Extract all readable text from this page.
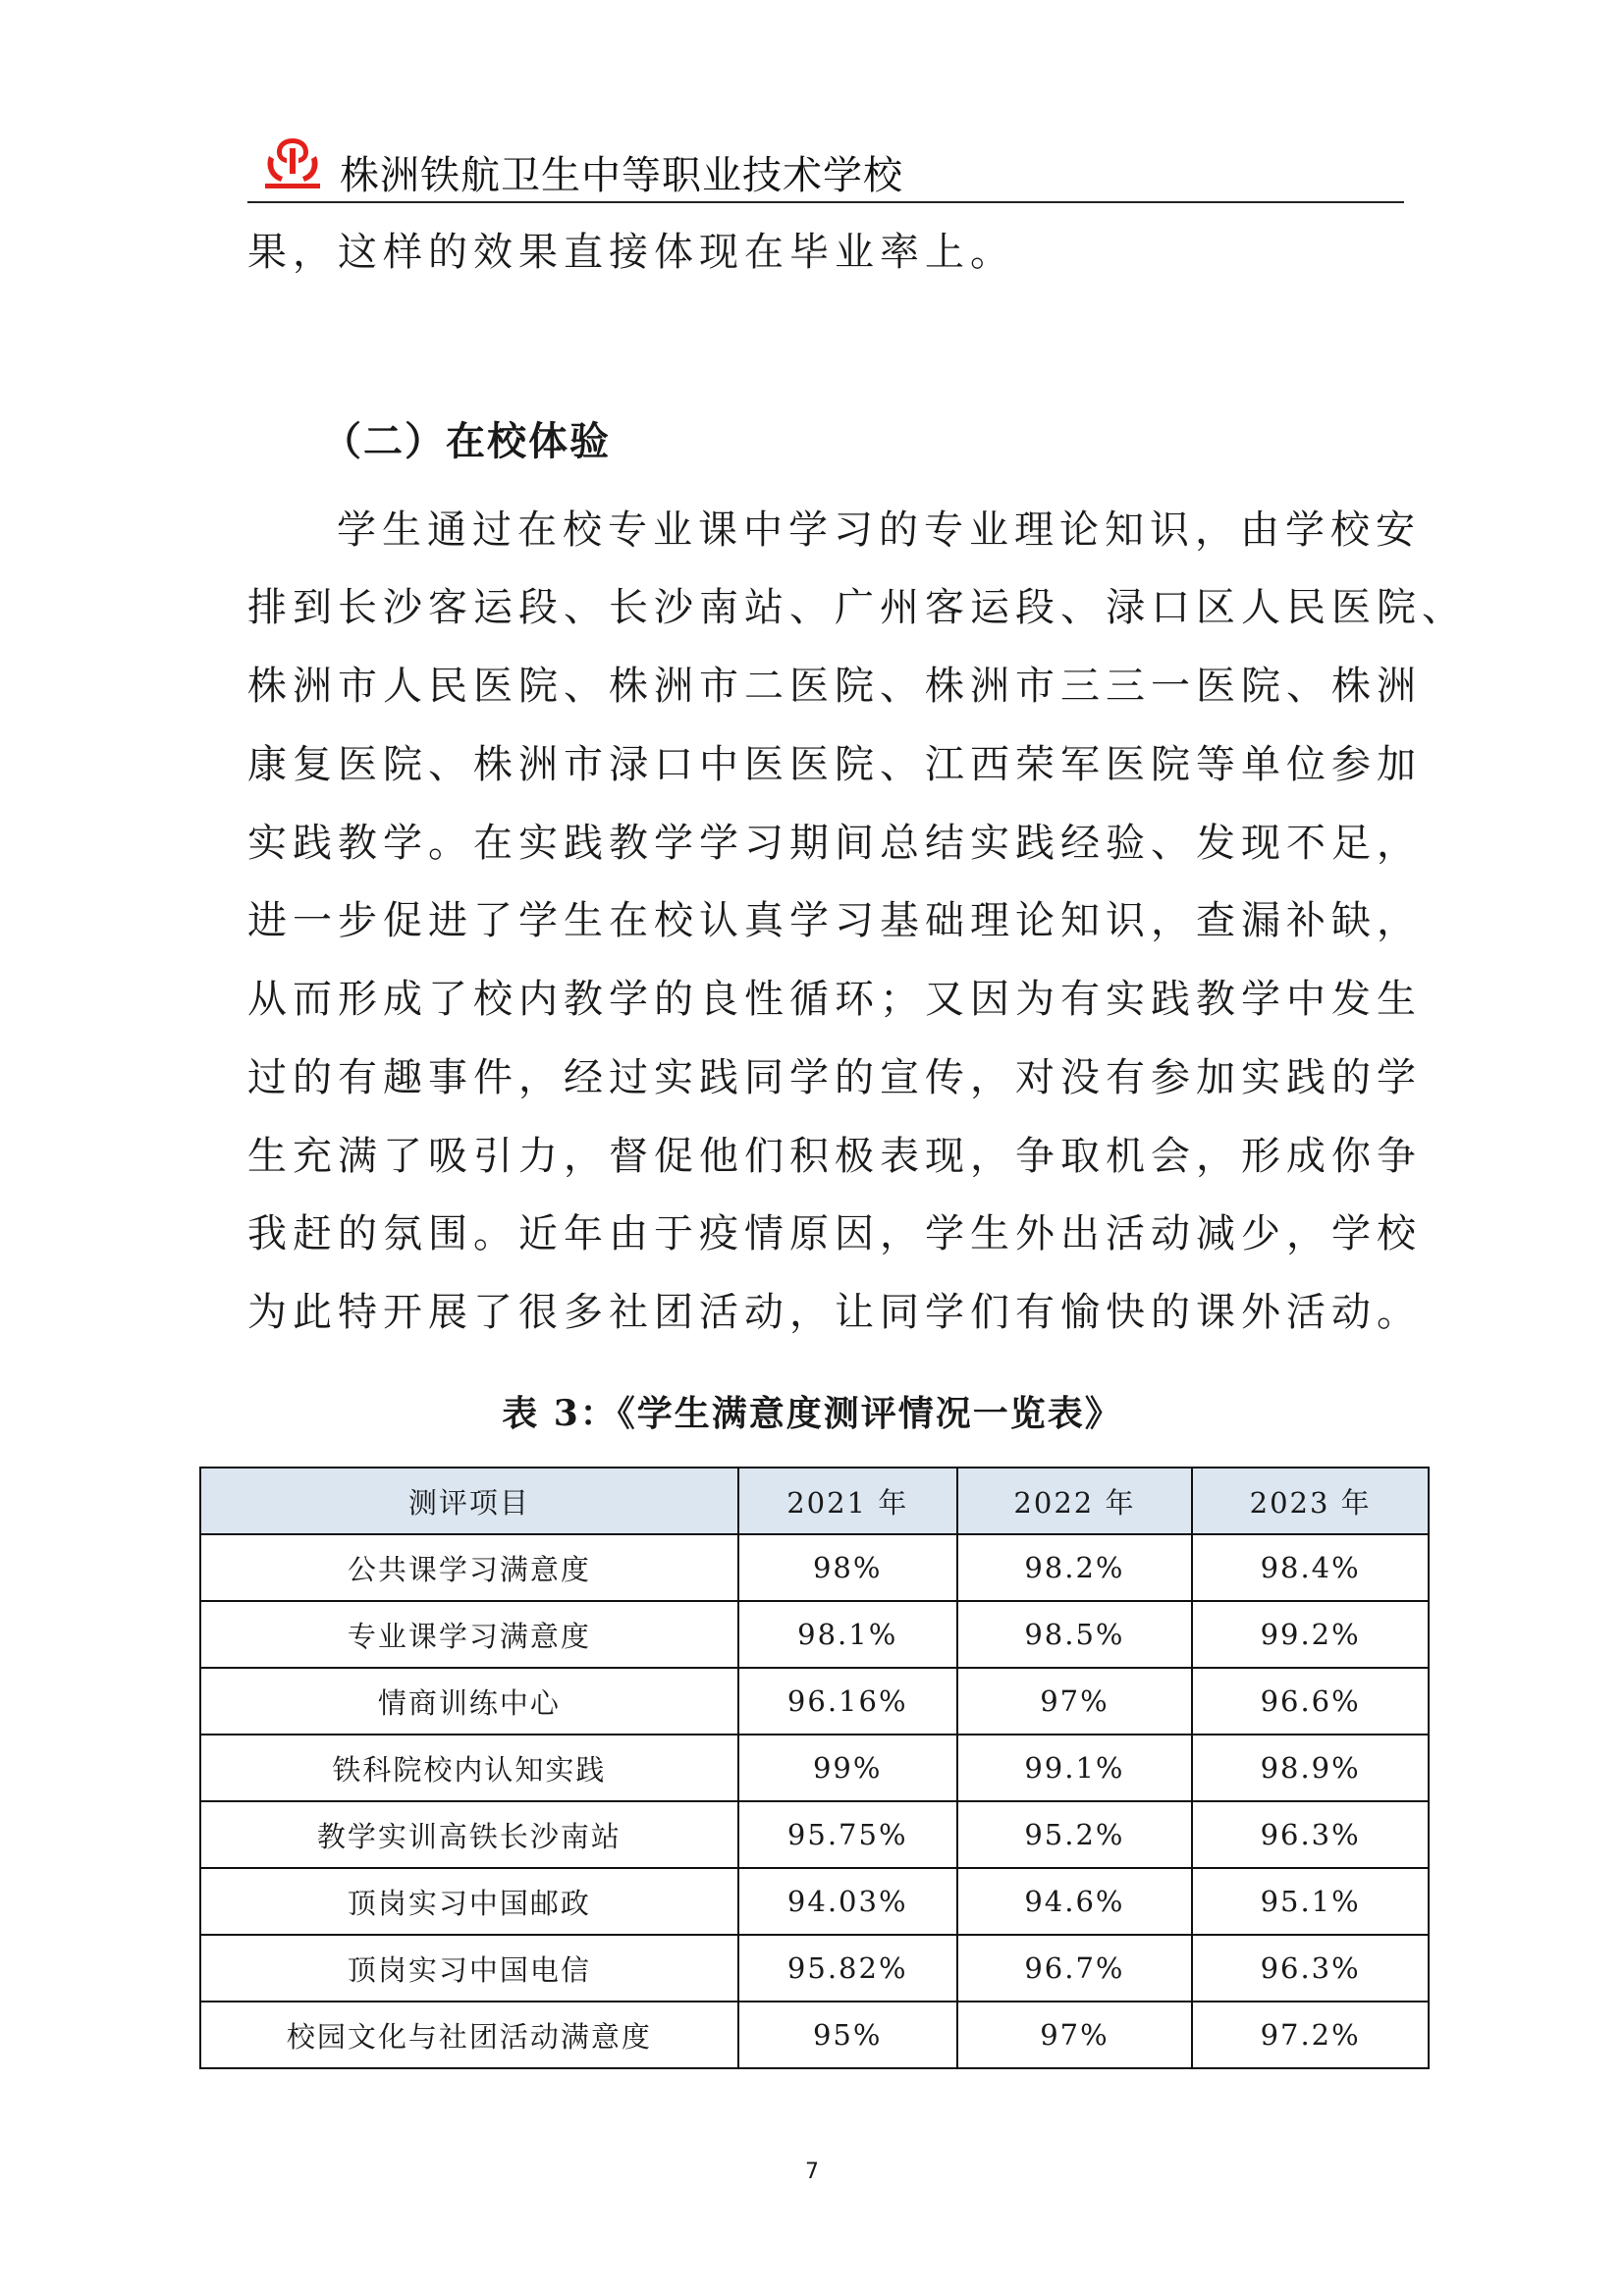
株洲铁航卫生中等职业技术学校
果，这样的效果直接体现在毕业率上。
（二）在校体验
学生通过在校专业课中学习的专业理论知识，由学校安
排到长沙客运段、长沙南站、广州客运段、渌口区人民医院、
株洲市人民医院、株洲市二医院、株洲市三三一医院、株洲
康复医院、株洲市渌口中医医院、江西荣军医院等单位参加
实践教学。在实践教学学习期间总结实践经验、发现不足，
进一步促进了学生在校认真学习基础理论知识，查漏补缺，
从而形成了校内教学的良性循环；又因为有实践教学中发生
过的有趣事件，经过实践同学的宣传，对没有参加实践的学
生充满了吸引力，督促他们积极表现，争取机会，形成你争
我赶的氛围。近年由于疫情原因，学生外出活动减少，学校
为此特开展了很多社团活动，让同学们有愉快的课外活动。
表 3：《学生满意度测评情况一览表》
测评项目	2021 年	2022 年	2023 年
公共课学习满意度	98%	98.2%	98.4%
专业课学习满意度	98.1%	98.5%	99.2%
情商训练中心	96.16%	97%	96.6%
铁科院校内认知实践	99%	99.1%	98.9%
教学实训高铁长沙南站	95.75%	95.2%	96.3%
顶岗实习中国邮政	94.03%	94.6%	95.1%
顶岗实习中国电信	95.82%	96.7%	96.3%
校园文化与社团活动满意度	95%	97%	97.2%
7
